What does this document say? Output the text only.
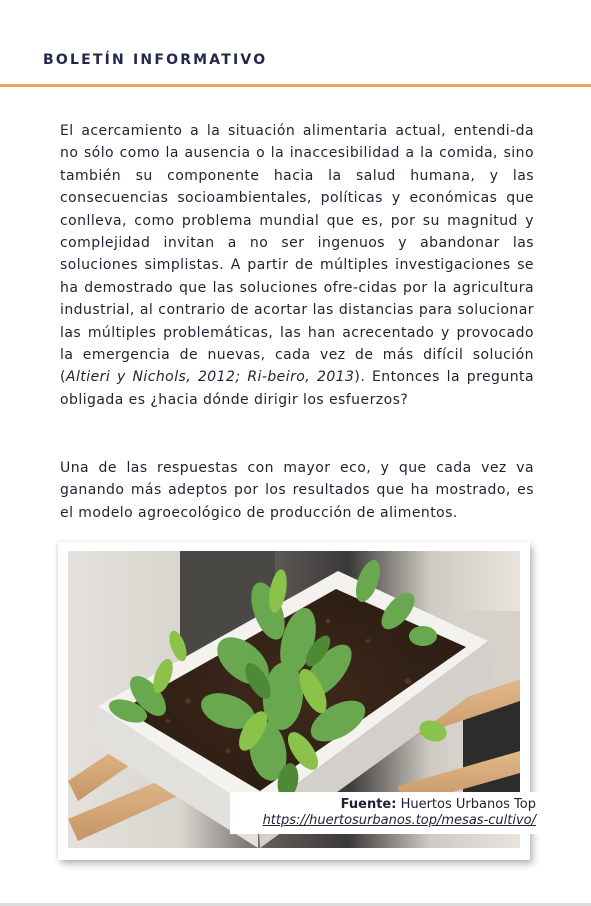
BOLETÍN INFORMATIVO
El acercamiento a la situación alimentaria actual, entendi-da no sólo como la ausencia o la inaccesibilidad a la comida, sino también su componente hacia la salud humana, y las consecuencias socioambientales, políticas y económicas que conlleva, como problema mundial que es, por su magnitud y complejidad invitan a no ser ingenuos y abandonar las soluciones simplistas. A partir de múltiples investigaciones se ha demostrado que las soluciones ofre-cidas por la agricultura industrial, al contrario de acortar las distancias para solucionar las múltiples problemáticas, las han acrecentado y provocado la emergencia de nuevas, cada vez de más difícil solución (Altieri y Nichols, 2012; Ri-beiro, 2013). Entonces la pregunta obligada es ¿hacia dónde dirigir los esfuerzos?
Una de las respuestas con mayor eco, y que cada vez va ganando más adeptos por los resultados que ha mostrado, es el modelo agroecológico de producción de alimentos.
Fuente: Huertos Urbanos Top
https://huertosurbanos.top/mesas-cultivo/
